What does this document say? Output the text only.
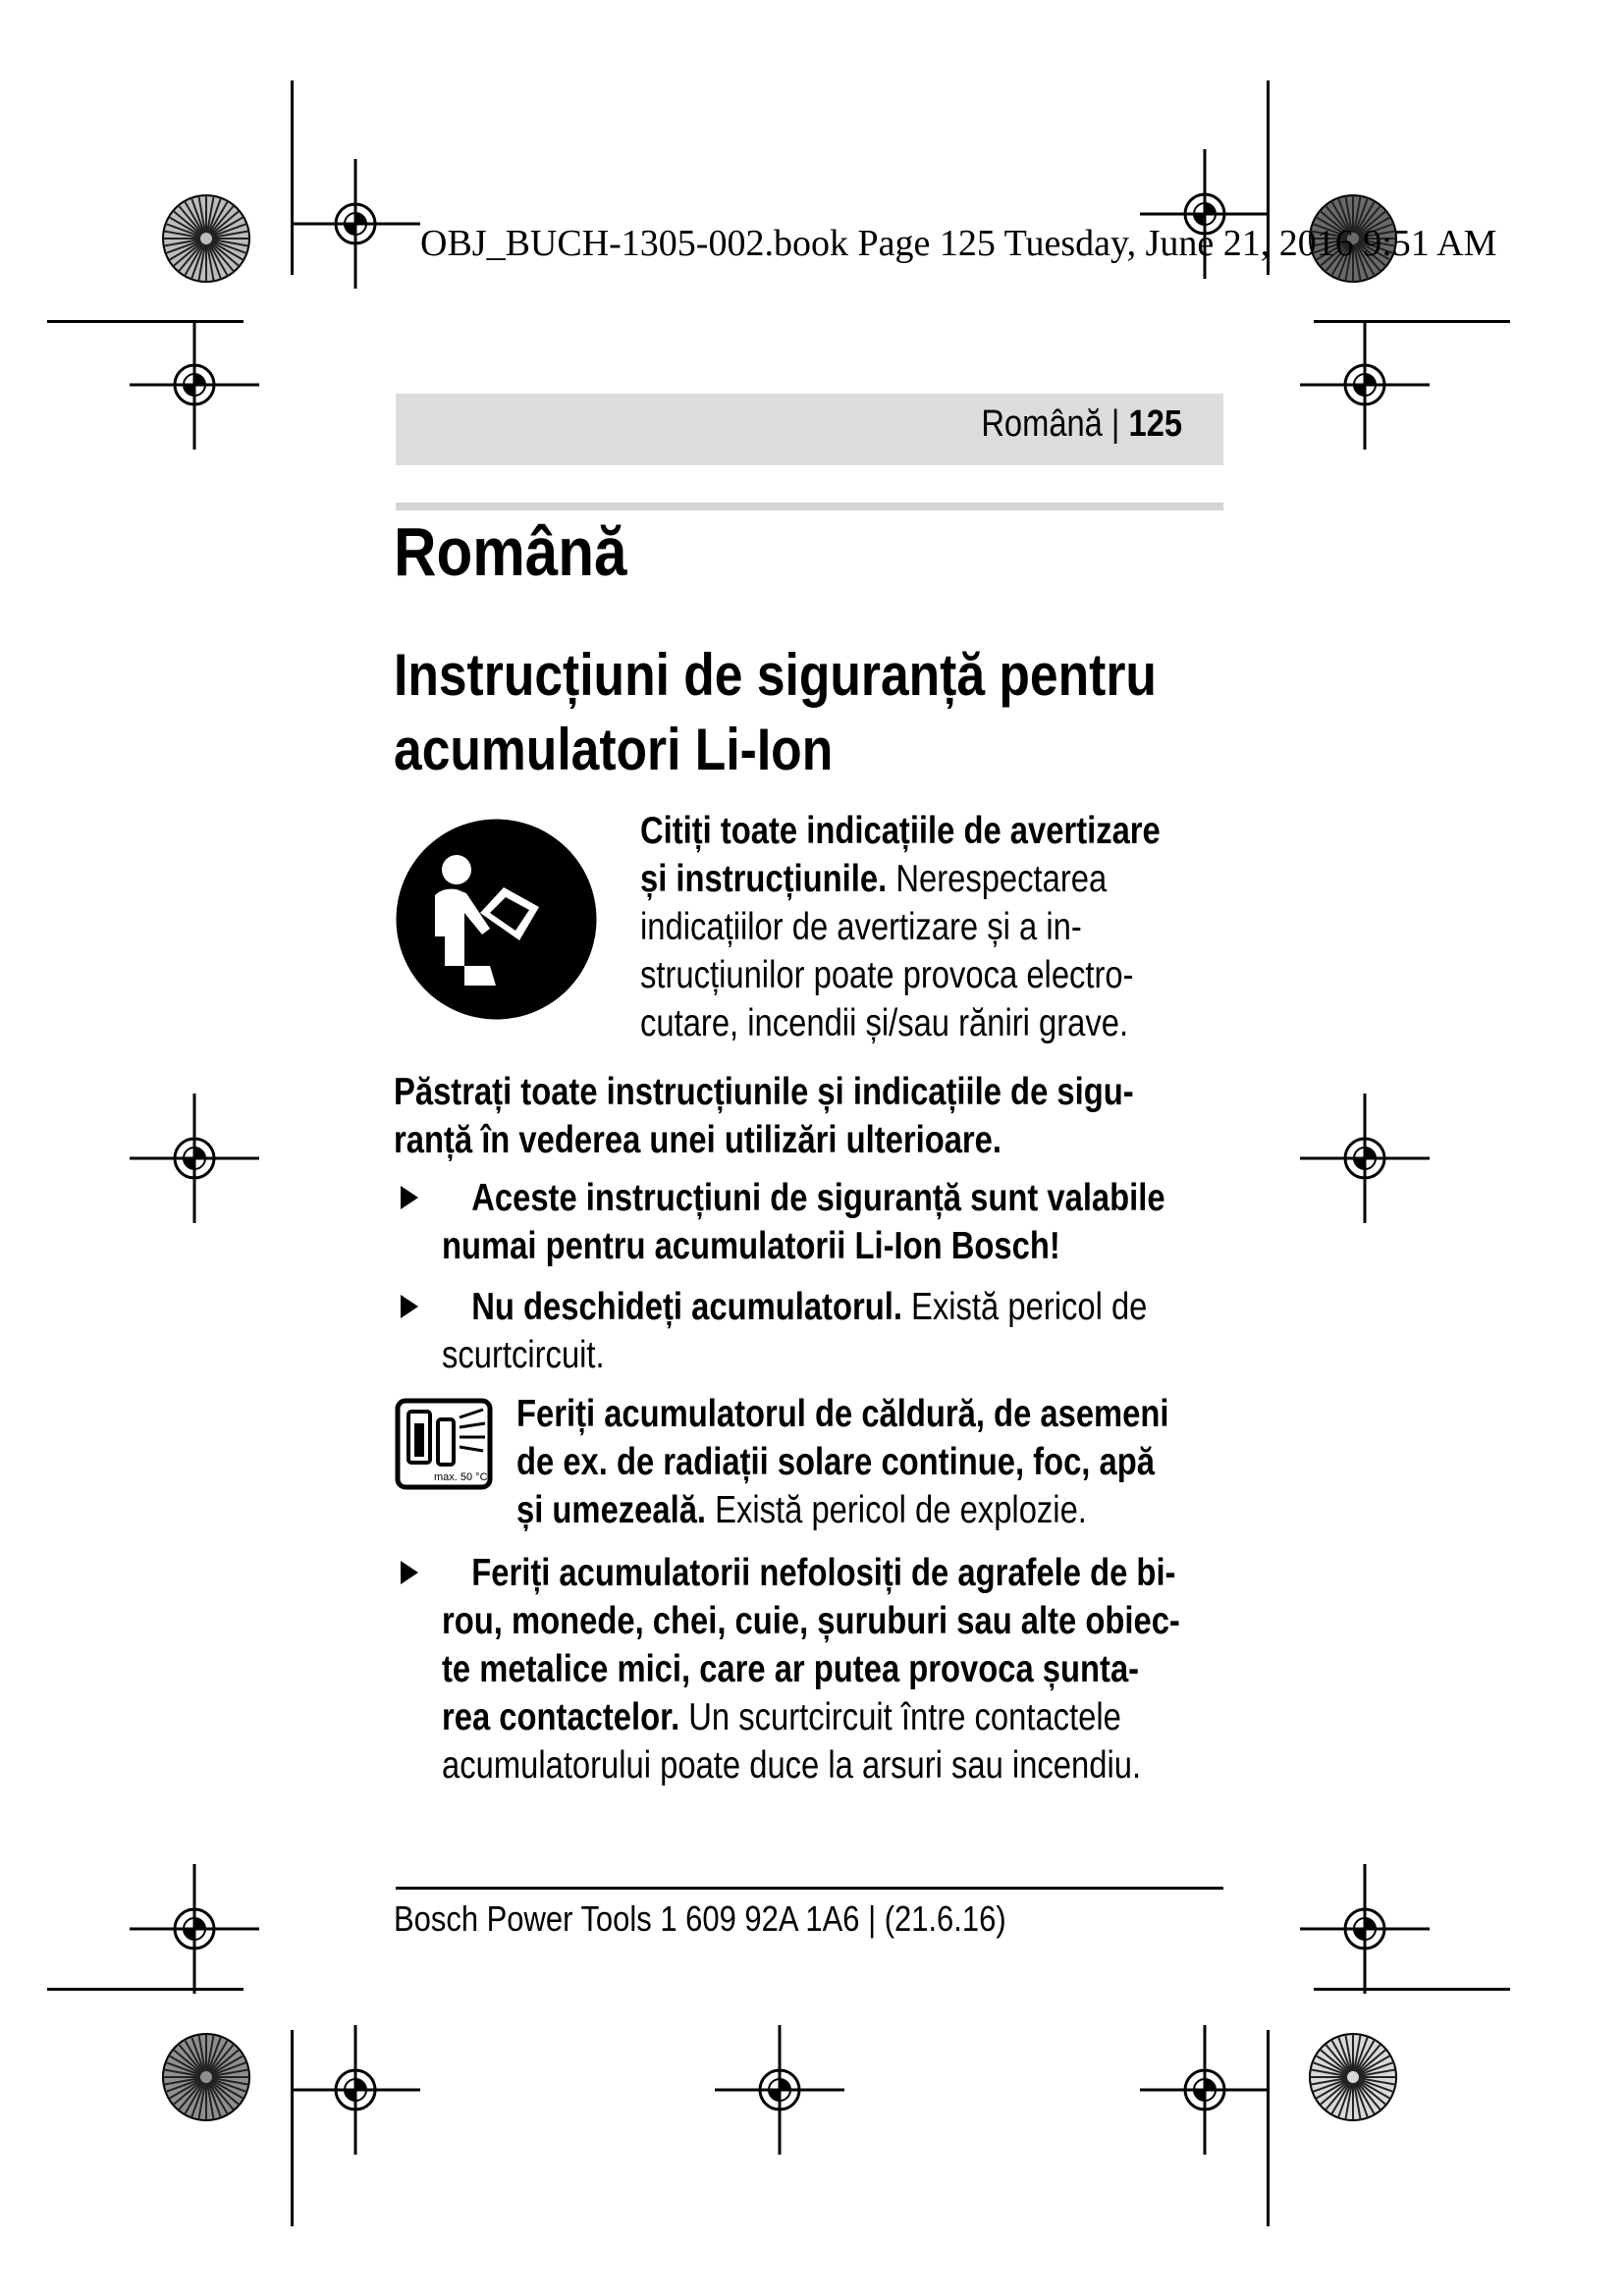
OBJ_BUCH-1305-002.book Page 125 Tuesday, June 21, 2016 9:51 AM
Română | 125
Română
Instrucțiuni de siguranță pentru
acumulatori Li-Ion
Citiți toate indicațiile de avertizare
și instrucțiunile. Nerespectarea
indicațiilor de avertizare și a in-
strucțiunilor poate provoca electro-
cutare, incendii și/sau răniri grave.
Păstrați toate instrucțiunile și indicațiile de sigu-
ranță în vederea unei utilizări ulterioare.
Aceste instrucțiuni de siguranță sunt valabile
numai pentru acumulatorii Li-Ion Bosch!
Nu deschideți acumulatorul. Există pericol de
scurtcircuit.
max. 50 °C
Feriți acumulatorul de căldură, de asemeni
de ex. de radiații solare continue, foc, apă
și umezeală. Există pericol de explozie.
Feriți acumulatorii nefolosiți de agrafele de bi-
rou, monede, chei, cuie, șuruburi sau alte obiec-
te metalice mici, care ar putea provoca șunta-
rea contactelor. Un scurtcircuit între contactele
acumulatorului poate duce la arsuri sau incendiu.
Bosch Power Tools 1 609 92A 1A6 | (21.6.16)
